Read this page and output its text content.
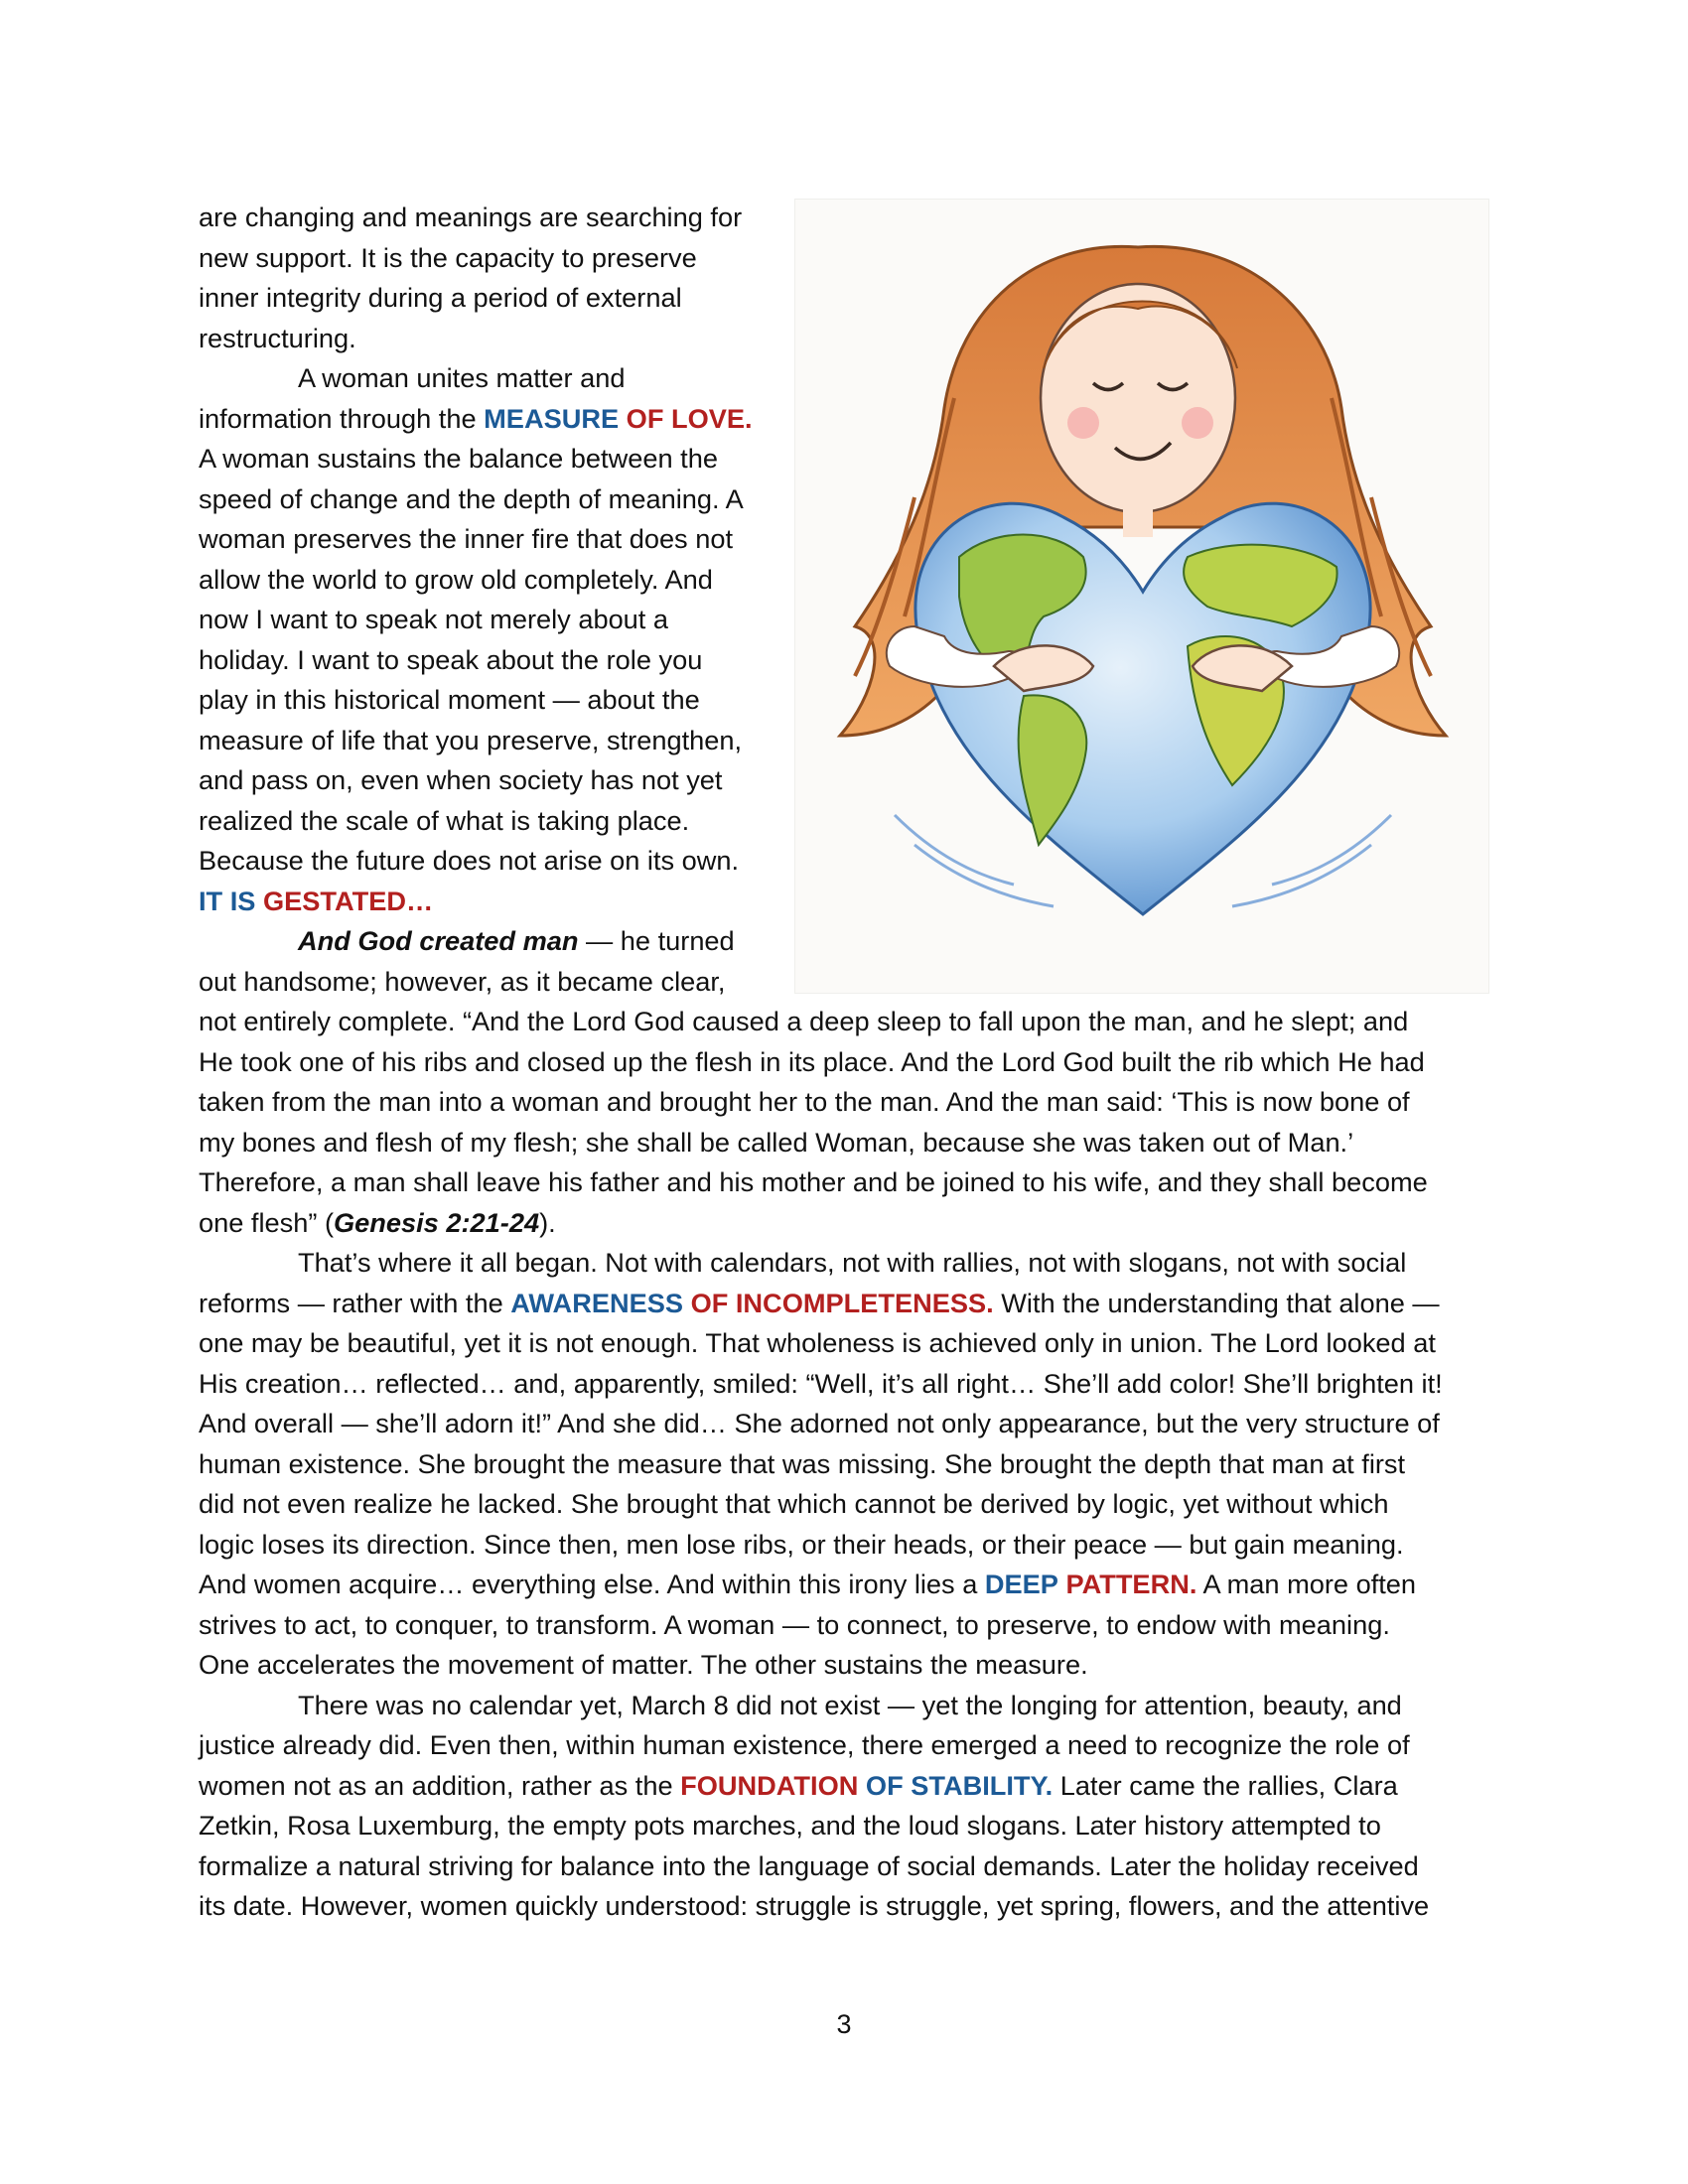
are changing and meanings are searching for
new support. It is the capacity to preserve
inner integrity during a period of external
restructuring.
A woman unites matter and
information through the MEASURE OF LOVE.
A woman sustains the balance between the
speed of change and the depth of meaning. A
woman preserves the inner fire that does not
allow the world to grow old completely. And
now I want to speak not merely about a
holiday. I want to speak about the role you
play in this historical moment — about the
measure of life that you preserve, strengthen,
and pass on, even when society has not yet
realized the scale of what is taking place.
Because the future does not arise on its own.
IT IS GESTATED…
And God created man — he turned
out handsome; however, as it became clear,
not entirely complete. “And the Lord God caused a deep sleep to fall upon the man, and he slept; and
He took one of his ribs and closed up the flesh in its place. And the Lord God built the rib which He had
taken from the man into a woman and brought her to the man. And the man said: ‘This is now bone of
my bones and flesh of my flesh; she shall be called Woman, because she was taken out of Man.’
Therefore, a man shall leave his father and his mother and be joined to his wife, and they shall become
one flesh” (Genesis 2:21-24).
That’s where it all began. Not with calendars, not with rallies, not with slogans, not with social
reforms — rather with the AWARENESS OF INCOMPLETENESS. With the understanding that alone —
one may be beautiful, yet it is not enough. That wholeness is achieved only in union. The Lord looked at
His creation… reflected… and, apparently, smiled: “Well, it’s all right… She’ll add color! She’ll brighten it!
And overall — she’ll adorn it!” And she did… She adorned not only appearance, but the very structure of
human existence. She brought the measure that was missing. She brought the depth that man at first
did not even realize he lacked. She brought that which cannot be derived by logic, yet without which
logic loses its direction. Since then, men lose ribs, or their heads, or their peace — but gain meaning.
And women acquire… everything else. And within this irony lies a DEEP PATTERN. A man more often
strives to act, to conquer, to transform. A woman — to connect, to preserve, to endow with meaning.
One accelerates the movement of matter. The other sustains the measure.
There was no calendar yet, March 8 did not exist — yet the longing for attention, beauty, and
justice already did. Even then, within human existence, there emerged a need to recognize the role of
women not as an addition, rather as the FOUNDATION OF STABILITY. Later came the rallies, Clara
Zetkin, Rosa Luxemburg, the empty pots marches, and the loud slogans. Later history attempted to
formalize a natural striving for balance into the language of social demands. Later the holiday received
its date. However, women quickly understood: struggle is struggle, yet spring, flowers, and the attentive
3
